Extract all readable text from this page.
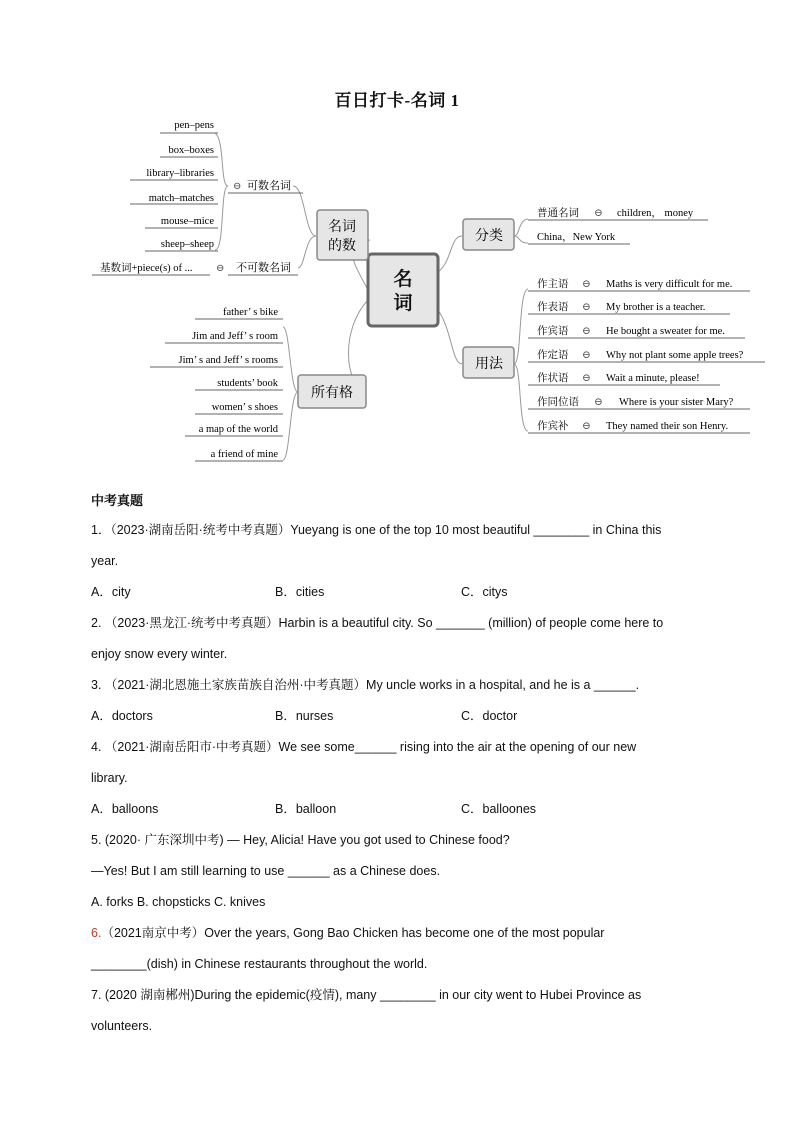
百日打卡-名词 1
名
词
名词
的数
所有格
分类
用法
可数名词
⊖
不可数名词
⊖
基数词+piece(s) of ...
pen–pens
box–boxes
library–libraries
match–matches
mouse–mice
sheep–sheep
father’ s bike
Jim and Jeff’ s room
Jim’ s and Jeff’ s rooms
students’ book
women’ s shoes
a map of the world
a friend of mine
普通名词 ⊖ children， money
China，New York
作主语 ⊖ Maths is very difficult for me.
作表语 ⊖ My brother is a teacher.
作宾语 ⊖ He bought a sweater for me.
作定语 ⊖ Why not plant some apple trees?
作状语 ⊖ Wait a minute, please!
作同位语 ⊖ Where is your sister Mary?
作宾补 ⊖ They named their son Henry.
中考真题
1．（2023·湖南岳阳·统考中考真题）Yueyang is one of the top 10 most beautiful ________ in China this
year.
A．city	B．cities	C．citys
2. （2023·黑龙江·统考中考真题）Harbin is a beautiful city. So _______ (million) of people come here to
enjoy snow every winter.
3. （2021·湖北恩施土家族苗族自治州·中考真题）My uncle works in a hospital, and he is a ______.
A．doctors	B．nurses	C．doctor
4. （2021·湖南岳阳市·中考真题）We see some______ rising into the air at the opening of our new
library.
A．balloons	B．balloon	C．balloones
5. (2020· 广东深圳中考) — Hey, Alicia! Have you got used to Chinese food?
—Yes! But I am still learning to use ______ as a Chinese does.
A. forks B. chopsticks C. knives
6.（2021南京中考）Over the years, Gong Bao Chicken has become one of the most popular
________(dish) in Chinese restaurants throughout the world.
7. (2020 湖南郴州)During the epidemic(疫情), many ________ in our city went to Hubei Province as
volunteers.
